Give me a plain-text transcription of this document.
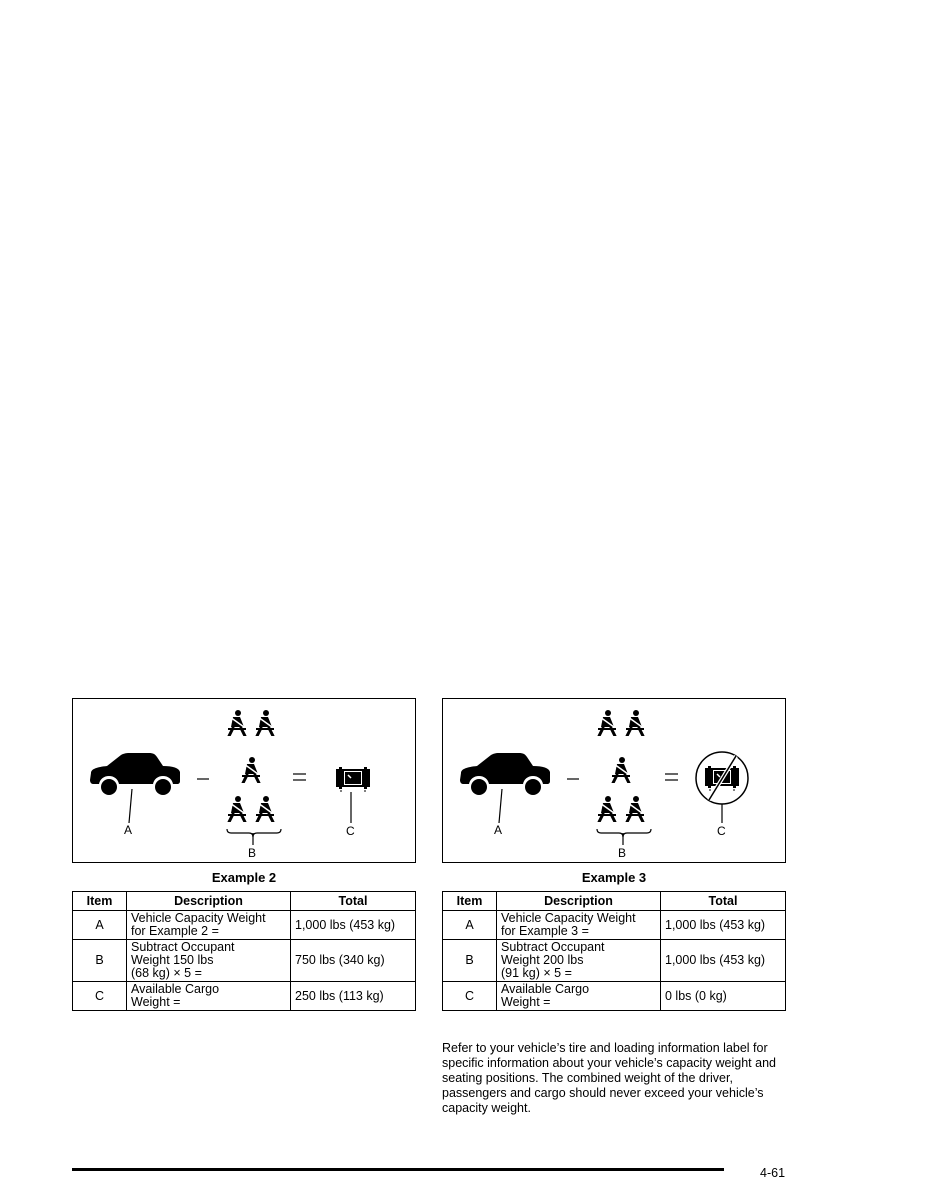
A
B
C
Example 2
Item	Description	Total
A	Vehicle Capacity Weight
for Example 2 =	1,000 lbs (453 kg)
B	Subtract Occupant
Weight 150 lbs
(68 kg) × 5 =	750 lbs (340 kg)
C	Available Cargo
Weight =	250 lbs (113 kg)
A
B
C
Example 3
Item	Description	Total
A	Vehicle Capacity Weight
for Example 3 =	1,000 lbs (453 kg)
B	Subtract Occupant
Weight 200 lbs
(91 kg) × 5 =	1,000 lbs (453 kg)
C	Available Cargo
Weight =	0 lbs (0 kg)

Refer to your vehicle’s tire and loading information label for specific information about your vehicle’s capacity weight and seating positions. The combined weight of the driver, passengers and cargo should never exceed your vehicle’s capacity weight.

4-61
